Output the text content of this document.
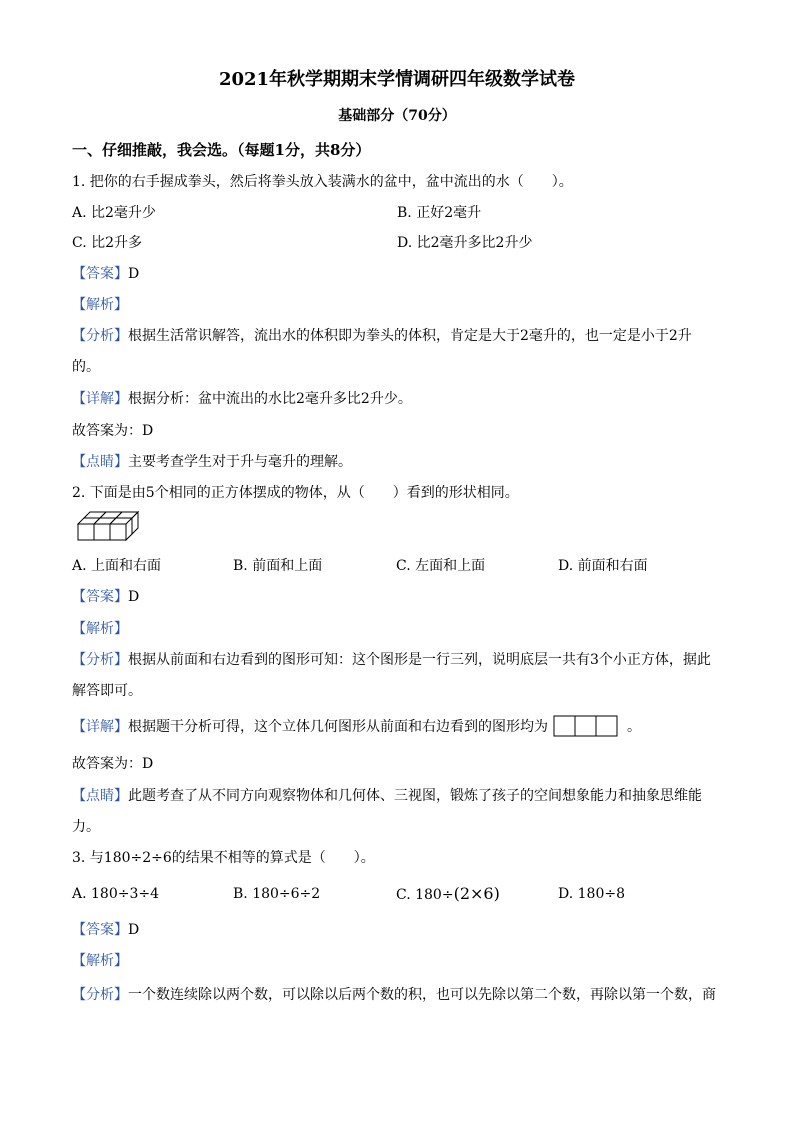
2021年秋学期期末学情调研四年级数学试卷
基础部分（70分）
一、仔细推敲，我会选。（每题1分，共8分）
1. 把你的右手握成拳头，然后将拳头放入装满水的盆中，盆中流出的水（　　）。
A. 比2毫升少	B. 正好2毫升
C. 比2升多	D. 比2毫升多比2升少
【答案】D
【解析】
【分析】根据生活常识解答，流出水的体积即为拳头的体积，肯定是大于2毫升的，也一定是小于2升
的。
【详解】根据分析：盆中流出的水比2毫升多比2升少。
故答案为：D
【点睛】主要考查学生对于升与毫升的理解。
2. 下面是由5个相同的正方体摆成的物体，从（　　）看到的形状相同。
A. 上面和右面	B. 前面和上面	C. 左面和上面	D. 前面和右面
【答案】D
【解析】
【分析】根据从前面和右边看到的图形可知：这个图形是一行三列，说明底层一共有3个小正方体，据此
解答即可。
【详解】根据题干分析可得，这个立体几何图形从前面和右边看到的图形均为	。
故答案为：D
【点睛】此题考查了从不同方向观察物体和几何体、三视图，锻炼了孩子的空间想象能力和抽象思维能
力。
3. 与180÷2÷6的结果不相等的算式是（　　）。
A. 180÷3÷4	B. 180÷6÷2	C. 180÷(2×6)	D. 180÷8
【答案】D
【解析】
【分析】一个数连续除以两个数，可以除以后两个数的积，也可以先除以第二个数，再除以第一个数，商
